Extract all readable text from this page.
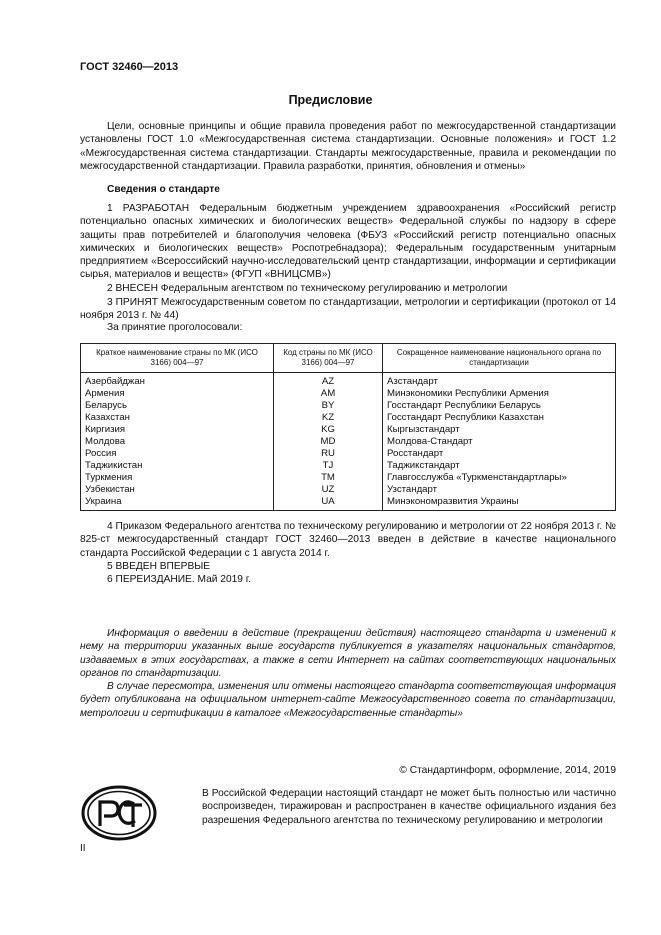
ГОСТ 32460—2013
Предисловие
Цели, основные принципы и общие правила проведения работ по межгосударственной стандартизации установлены ГОСТ 1.0 «Межгосударственная система стандартизации. Основные положения» и ГОСТ 1.2 «Межгосударственная система стандартизации. Стандарты межгосударственные, правила и рекомендации по межгосударственной стандартизации. Правила разработки, принятия, обновления и отмены»
Сведения о стандарте
1 РАЗРАБОТАН Федеральным бюджетным учреждением здравоохранения «Российский регистр потенциально опасных химических и биологических веществ» Федеральной службы по надзору в сфере защиты прав потребителей и благополучия человека (ФБУЗ «Российский регистр потенциально опасных химических и биологических веществ» Роспотребнадзора); Федеральным государственным унитарным предприятием «Всероссийский научно-исследовательский центр стандартизации, информации и сертификации сырья, материалов и веществ» (ФГУП «ВНИЦСМВ»)
2 ВНЕСЕН Федеральным агентством по техническому регулированию и метрологии
3 ПРИНЯТ Межгосударственным советом по стандартизации, метрологии и сертификации (протокол от 14 ноября 2013 г. № 44)
За принятие проголосовали:
Краткое наименование страны по МК (ИСО 3166) 004—97	Код страны по МК (ИСО 3166) 004—97	Сокращенное наименование национального органа по стандартизации
Азербайджан	AZ	Азстандарт
Армения	AM	Минэкономики Республики Армения
Беларусь	BY	Госстандарт Республики Беларусь
Казахстан	KZ	Госстандарт Республики Казахстан
Киргизия	KG	Кыргызстандарт
Молдова	MD	Молдова-Стандарт
Россия	RU	Росстандарт
Таджикистан	TJ	Таджикстандарт
Туркмения	TM	Главгосслужба «Туркменстандартлары»
Узбекистан	UZ	Узстандарт
Украина	UA	Минэкономразвития Украины
4 Приказом Федерального агентства по техническому регулированию и метрологии от 22 ноября 2013 г. № 825-ст межгосударственный стандарт ГОСТ 32460—2013 введен в действие в качестве национального стандарта Российской Федерации с 1 августа 2014 г.
5 ВВЕДЕН ВПЕРВЫЕ
6 ПЕРЕИЗДАНИЕ. Май 2019 г.
Информация о введении в действие (прекращении действия) настоящего стандарта и изменений к нему на территории указанных выше государств публикуется в указателях национальных стандартов, издаваемых в этих государствах, а также в сети Интернет на сайтах соответствующих национальных органов по стандартизации.
В случае пересмотра, изменения или отмены настоящего стандарта соответствующая информация будет опубликована на официальном интернет-сайте Межгосударственного совета по стандартизации, метрологии и сертификации в каталоге «Межгосударственные стандарты»
© Стандартинформ, оформление, 2014, 2019
В Российской Федерации настоящий стандарт не может быть полностью или частично воспроизведен, тиражирован и распространен в качестве официального издания без разрешения Федерального агентства по техническому регулированию и метрологии
II
